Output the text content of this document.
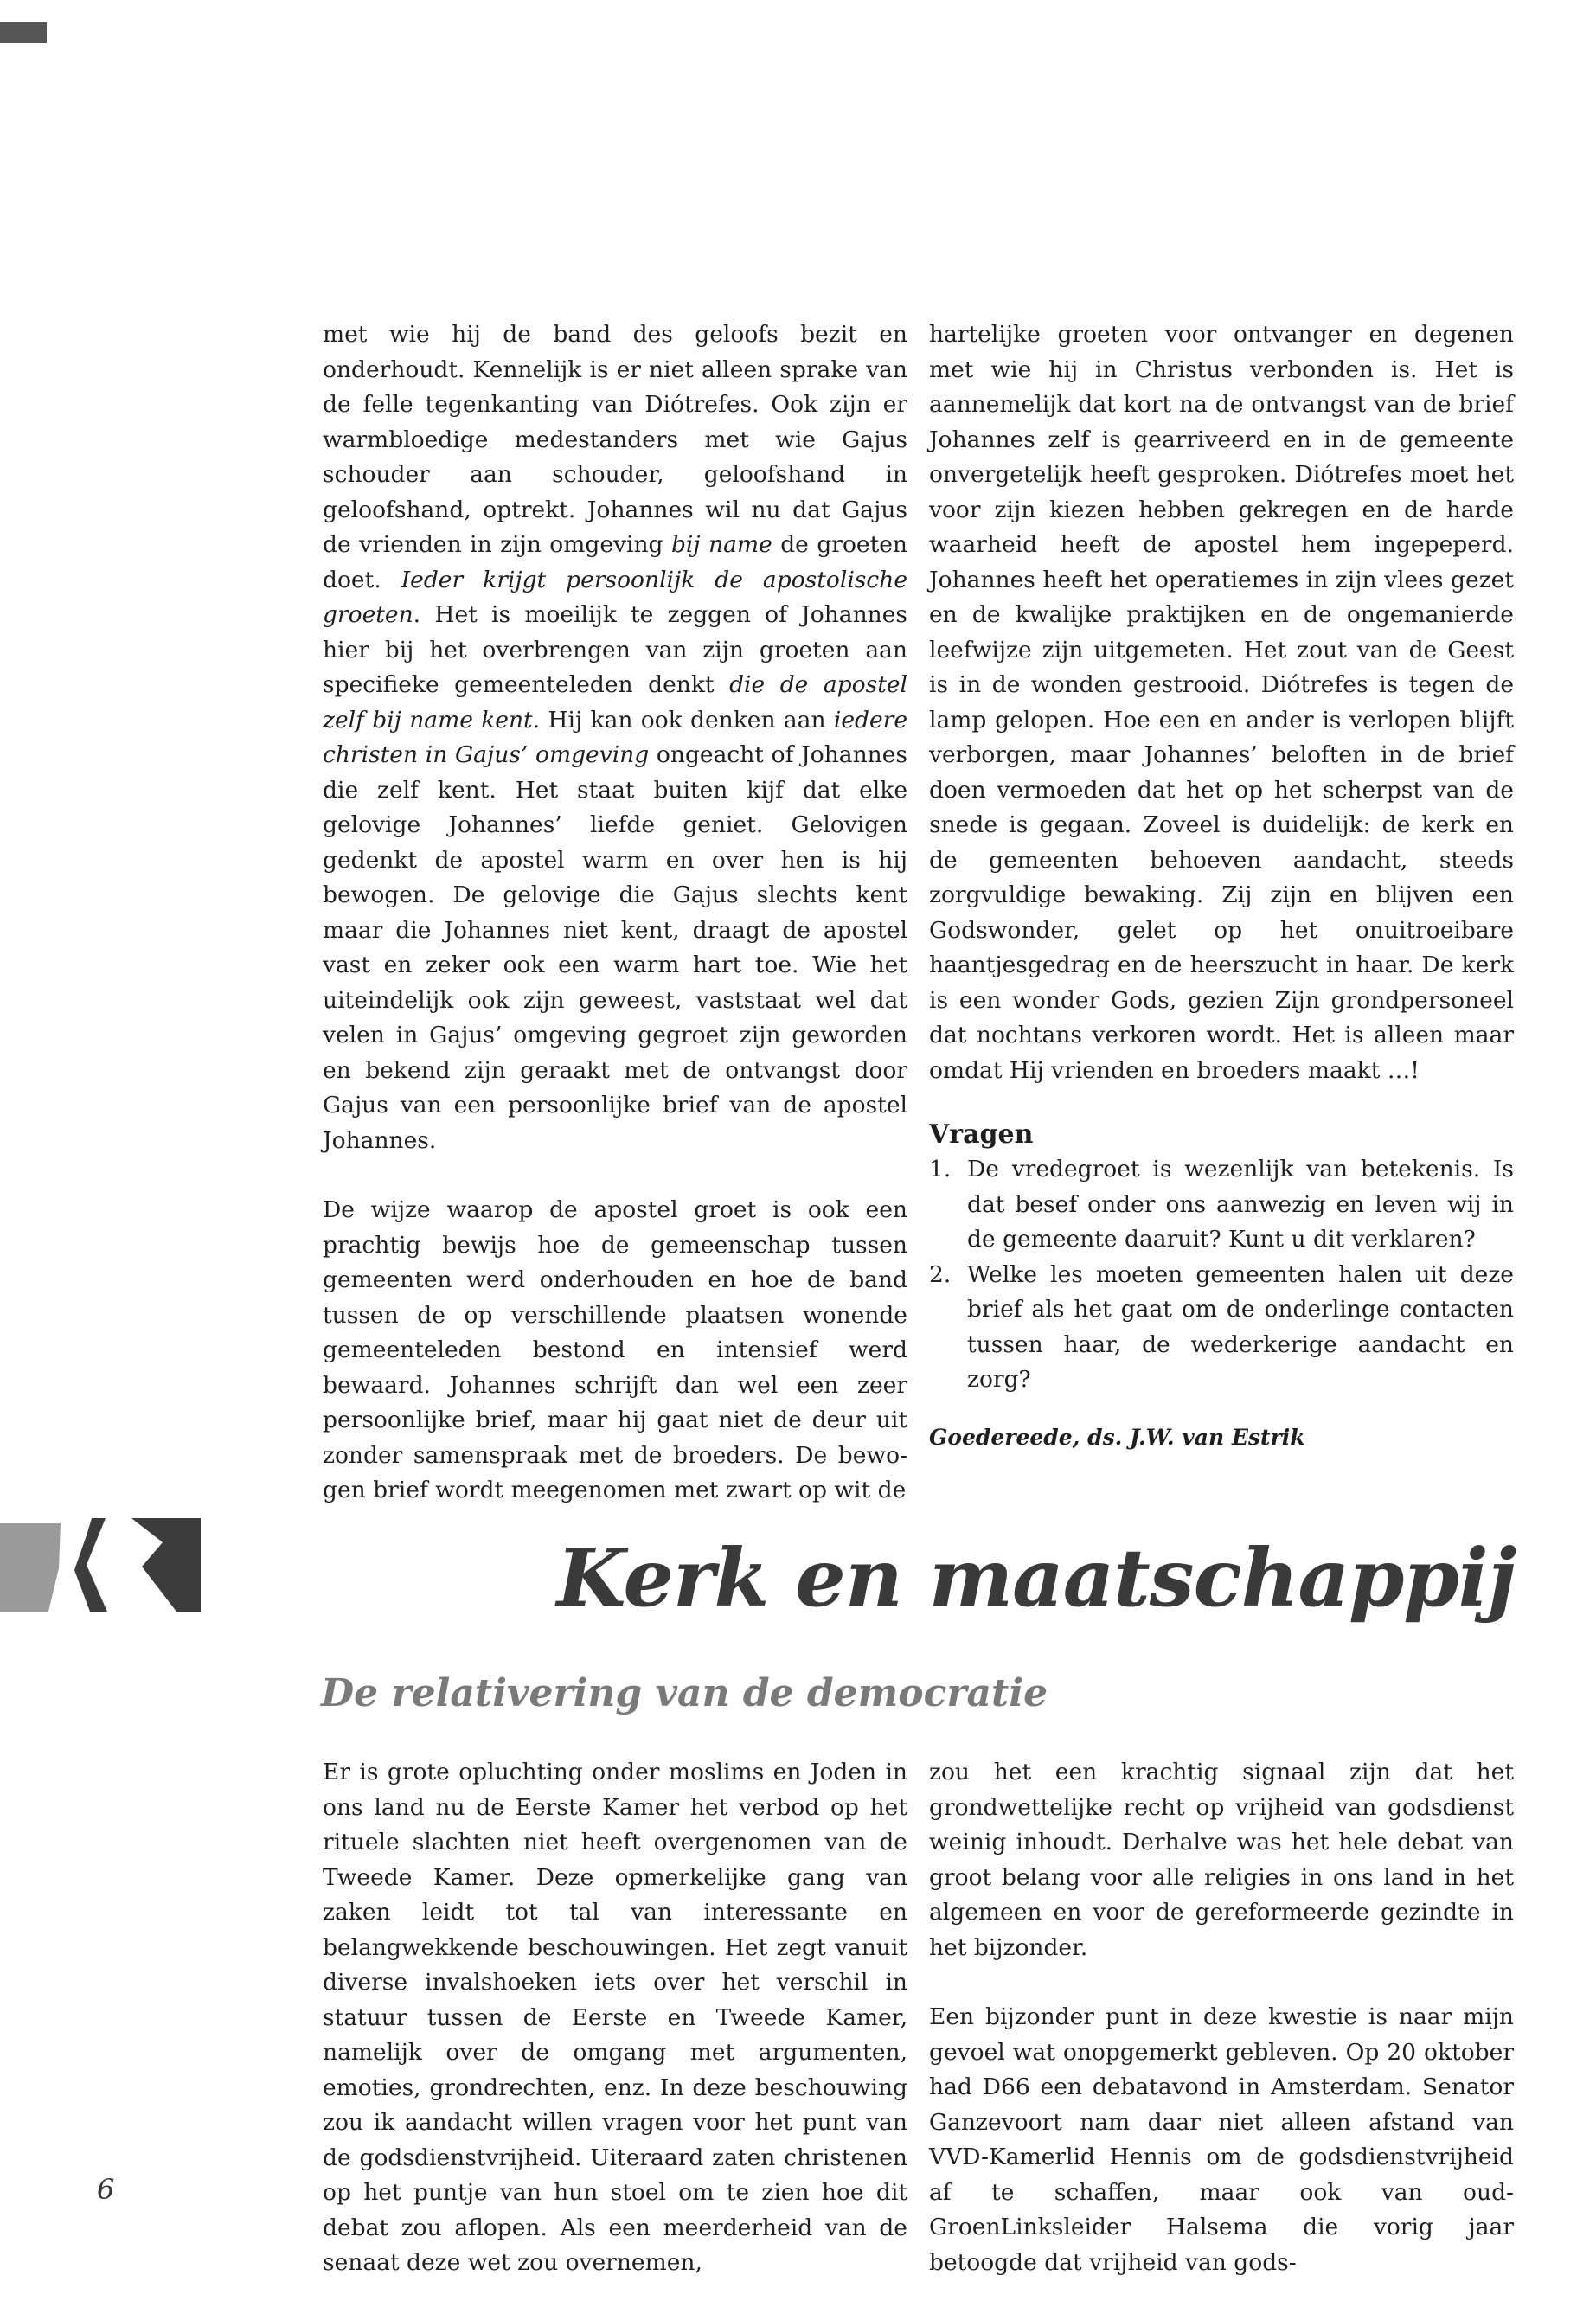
met wie hij de band des geloofs bezit en onderhoudt. Kennelijk is er niet alleen sprake van de felle tegenkanting van Diótrefes. Ook zijn er warmbloedige medestanders met wie Gajus schouder aan schouder, geloofshand in geloofshand, optrekt. Johannes wil nu dat Gajus de vrienden in zijn omgeving bij name de groeten doet. Ieder krijgt persoonlijk de apostolische groeten. Het is moeilijk te zeggen of Johannes hier bij het overbrengen van zijn groeten aan specifieke gemeenteleden denkt die de apostel zelf bij name kent. Hij kan ook denken aan iedere christen in Gajus’ omgeving ongeacht of Johannes die zelf kent. Het staat buiten kijf dat elke gelovige Johannes’ liefde geniet. Gelovigen gedenkt de apostel warm en over hen is hij bewogen. De gelovige die Gajus slechts kent maar die Johannes niet kent, draagt de apostel vast en zeker ook een warm hart toe. Wie het uiteindelijk ook zijn geweest, vaststaat wel dat velen in Gajus’ omgeving gegroet zijn geworden en bekend zijn geraakt met de ontvangst door Gajus van een persoonlijke brief van de apostel Johannes.

De wijze waarop de apostel groet is ook een prachtig bewijs hoe de gemeenschap tussen gemeenten werd onderhouden en hoe de band tussen de op verschillende plaatsen wonende gemeenteleden bestond en intensief werd bewaard. Johannes schrijft dan wel een zeer persoonlijke brief, maar hij gaat niet de deur uit zonder samenspraak met de broeders. De bewogen brief wordt meegenomen met zwart op wit de

hartelijke groeten voor ontvanger en degenen met wie hij in Christus verbonden is. Het is aannemelijk dat kort na de ontvangst van de brief Johannes zelf is gearriveerd en in de gemeente onvergetelijk heeft gesproken. Diótrefes moet het voor zijn kiezen hebben gekregen en de harde waarheid heeft de apostel hem ingepeperd. Johannes heeft het operatiemes in zijn vlees gezet en de kwalijke praktijken en de ongemanierde leefwijze zijn uitgemeten. Het zout van de Geest is in de wonden gestrooid. Diótrefes is tegen de lamp gelopen. Hoe een en ander is verlopen blijft verborgen, maar Johannes’ beloften in de brief doen vermoeden dat het op het scherpst van de snede is gegaan. Zoveel is duidelijk: de kerk en de gemeenten behoeven aandacht, steeds zorgvuldige bewaking. Zij zijn en blijven een Godswonder, gelet op het onuitroeibare haantjesgedrag en de heerszucht in haar. De kerk is een wonder Gods, gezien Zijn grondpersoneel dat nochtans verkoren wordt. Het is alleen maar omdat Hij vrienden en broeders maakt …!

Vragen
1. De vredegroet is wezenlijk van betekenis. Is dat besef onder ons aanwezig en leven wij in de gemeente daaruit? Kunt u dit verklaren?
2. Welke les moeten gemeenten halen uit deze brief als het gaat om de onderlinge contacten tussen haar, de wederkerige aandacht en zorg?
Goedereede, ds. J.W. van Estrik
Kerk en maatschappij
De relativering van de democratie

Er is grote opluchting onder moslims en Joden in ons land nu de Eerste Kamer het verbod op het rituele slachten niet heeft overgenomen van de Tweede Kamer. Deze opmerkelijke gang van zaken leidt tot tal van interessante en belangwekkende beschouwingen. Het zegt vanuit diverse invalshoeken iets over het verschil in statuur tussen de Eerste en Tweede Kamer, namelijk over de omgang met argumenten, emoties, grondrechten, enz. In deze beschouwing zou ik aandacht willen vragen voor het punt van de godsdienstvrijheid. Uiteraard zaten christenen op het puntje van hun stoel om te zien hoe dit debat zou aflopen. Als een meerderheid van de senaat deze wet zou overnemen,

zou het een krachtig signaal zijn dat het grondwettelijke recht op vrijheid van godsdienst weinig inhoudt. Derhalve was het hele debat van groot belang voor alle religies in ons land in het algemeen en voor de gereformeerde gezindte in het bijzonder.

Een bijzonder punt in deze kwestie is naar mijn gevoel wat onopgemerkt gebleven. Op 20 oktober had D66 een debatavond in Amsterdam. Senator Ganzevoort nam daar niet alleen afstand van VVD-Kamerlid Hennis om de godsdienstvrijheid af te schaffen, maar ook van oud-GroenLinksleider Halsema die vorig jaar betoogde dat vrijheid van gods-

6
